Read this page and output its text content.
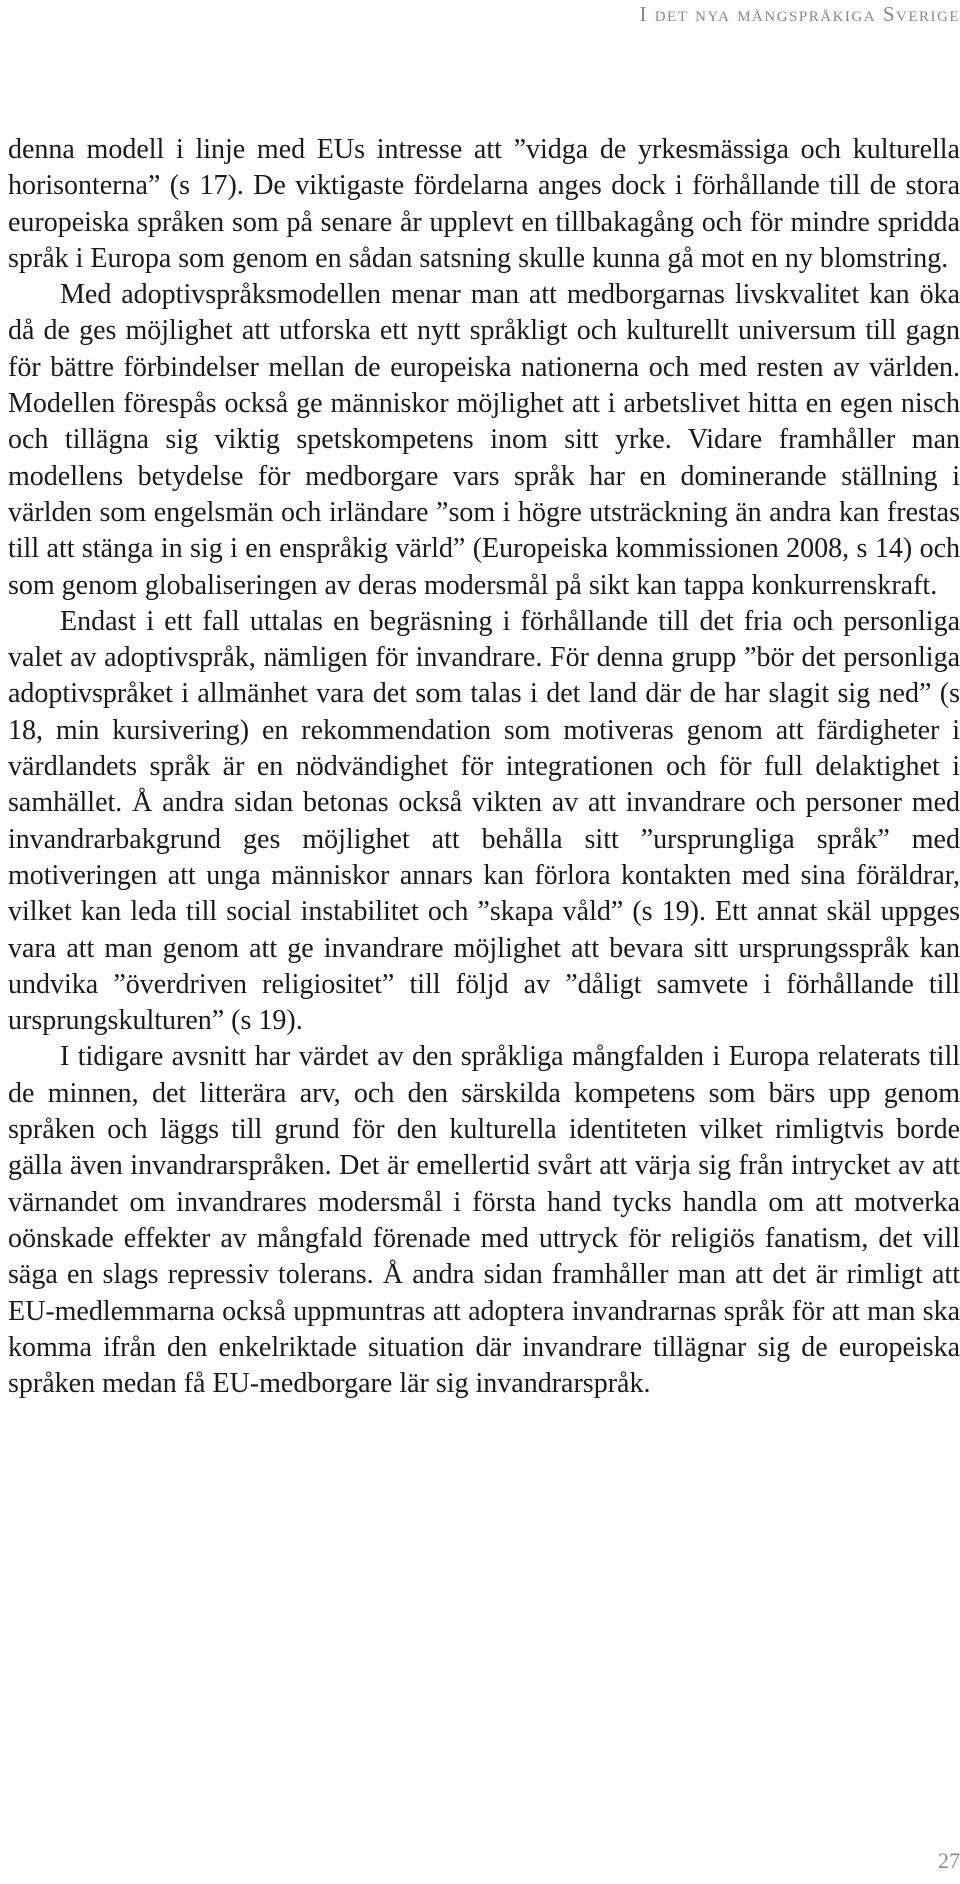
I det nya mångspråkiga Sverige

denna modell i linje med EUs intresse att ”vidga de yrkesmässiga och kulturella horisonterna” (s 17). De viktigaste fördelarna anges dock i förhållande till de stora europeiska språken som på senare år upplevt en tillbakagång och för mindre spridda språk i Europa som genom en sådan satsning skulle kunna gå mot en ny blomstring.

Med adoptivspråksmodellen menar man att medborgarnas livskvalitet kan öka då de ges möjlighet att utforska ett nytt språkligt och kulturellt universum till gagn för bättre förbindelser mellan de europeiska nationerna och med resten av världen. Modellen förespås också ge människor möjlighet att i arbetslivet hitta en egen nisch och tillägna sig viktig spetskompetens inom sitt yrke. Vidare framhåller man modellens betydelse för medborgare vars språk har en dominerande ställning i världen som engelsmän och irländare ”som i högre utsträckning än andra kan frestas till att stänga in sig i en enspråkig värld” (Europeiska kommissionen 2008, s 14) och som genom globaliseringen av deras modersmål på sikt kan tappa konkurrenskraft.

Endast i ett fall uttalas en begräsning i förhållande till det fria och personliga valet av adoptivspråk, nämligen för invandrare. För denna grupp ”bör det personliga adoptivspråket i allmänhet vara det som talas i det land där de har slagit sig ned” (s 18, min kursivering) en rekommendation som motiveras genom att färdigheter i värdlandets språk är en nödvändighet för integrationen och för full delaktighet i samhället. Å andra sidan betonas också vikten av att invandrare och personer med invandrarbakgrund ges möjlighet att behålla sitt ”ursprungliga språk” med motiveringen att unga människor annars kan förlora kontakten med sina föräldrar, vilket kan leda till social instabilitet och ”skapa våld” (s 19). Ett annat skäl uppges vara att man genom att ge invandrare möjlighet att bevara sitt ursprungsspråk kan undvika ”överdriven religiositet” till följd av ”dåligt samvete i förhållande till ursprungskulturen” (s 19).

I tidigare avsnitt har värdet av den språkliga mångfalden i Europa relaterats till de minnen, det litterära arv, och den särskilda kompetens som bärs upp genom språken och läggs till grund för den kulturella identiteten vilket rimligtvis borde gälla även invandrarspråken. Det är emellertid svårt att värja sig från intrycket av att värnandet om invandrares modersmål i första hand tycks handla om att motverka oönskade effekter av mångfald förenade med uttryck för religiös fanatism, det vill säga en slags repressiv tolerans. Å andra sidan framhåller man att det är rimligt att EU-medlemmarna också uppmuntras att adoptera invandrarnas språk för att man ska komma ifrån den enkelriktade situation där invandrare tillägnar sig de europeiska språken medan få EU-medborgare lär sig invandrarspråk.

27
